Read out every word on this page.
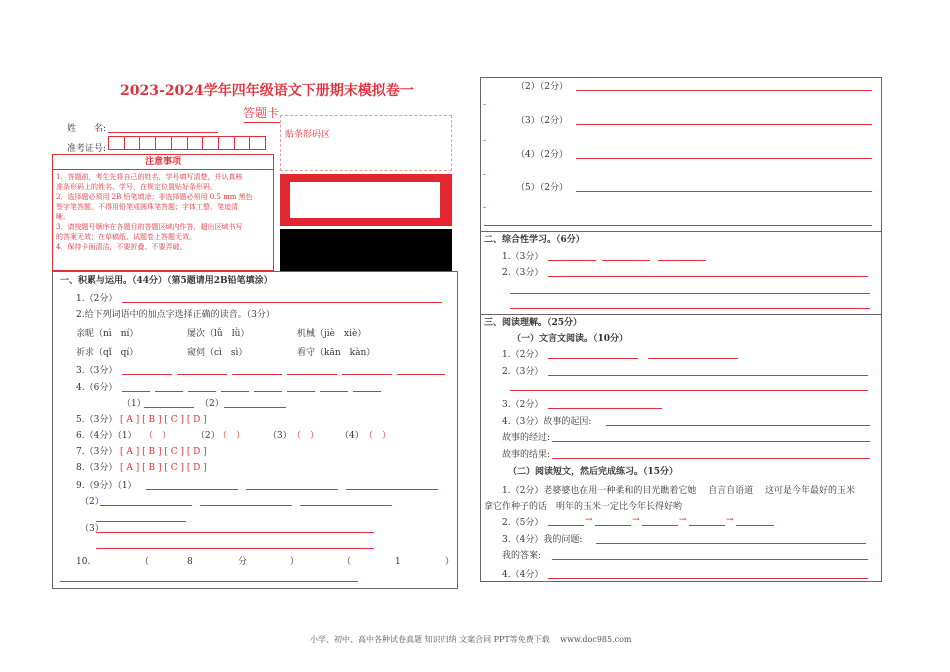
2023-2024学年四年级语文下册期末模拟卷一
答题卡
姓　　名:
准考证号:
贴条形码区
注意事项
1．答题前，考生先将自己的姓名，学号填写清楚，并认真核
准条形码上的姓名、学号，在规定位置贴好条形码。
2．选择题必须用 2B 铅笔填涂；非选择题必须用 0.5 mm 黑色
签字笔答题，不得用铅笔或圆珠笔答题；字体工整、笔迹清
晰。
3．请按题号顺序在各题目的答题区域内作答，超出区域书写
的答案无效；在草稿纸、试题卷上答题无效。
4．保持卡面清洁，不要折叠、不要弄破。
一、积累与运用。（44分）（第5题请用2B铅笔填涂）
1.（2分）
2.给下列词语中的加点字选择正确的读音。（3分）
亲昵（nì　ní）	屡次（lǚ　lǜ）	机械（jiè　xiè）
祈求（qǐ　qí）	窥伺（cì　sì）	看守（kān　kàn）
3.（3分）
4.（6分）
（1）	（2）
5.（3分） [ A ] [ B ] [ C ] [ D ]
6.（4分）（1） （　）	（2）
（　）	（3） （　） （4） （　）
7.（3分） [ A ] [ B ] [ C ] [ D ]
8.（3分） [ A ] [ B ] [ C ] [ D ]
9.（9分）（1）
（2）
（3）
10.	（	8	分	）	（	1	）
（2）（2分）
-
（3）（2分）
-
（4）（2分）
-
（5）（2分）
-
二、综合性学习。（6分）
1.（3分）
2.（3分）
三、阅读理解。（25分）
（一）文言文阅读。（10分）
1.（2分）
2.（3分）
3.（2分）
4.（3分）故事的起因:
故事的经过:
故事的结果:
（二）阅读短文，然后完成练习。（15分）
1.（2分）老婆婆也在用一种柔和的目光瞧着它她　 自言自语道　 这可是今年最好的玉米
拿它作种子的话　明年的玉米一定比今年长得好哟
2.（5分）	→	→	→	→
3.（4分）我的问题:
我的答案:
4.（4分）
小学、初中、高中各种试卷真题 知识归纳 文案合同 PPT等免费下载　 www.doc985.com
